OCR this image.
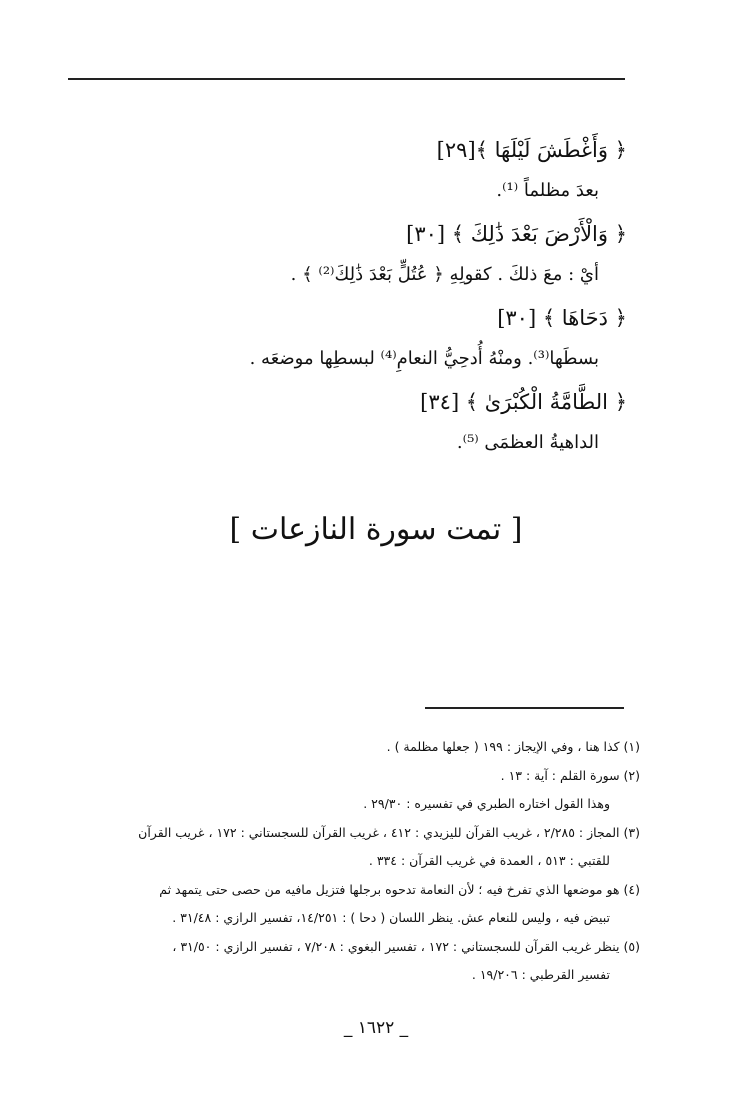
﴿ وَأَغْطَشَ لَيْلَهَا ﴾[٢٩]
بعدَ مظلماً ⁽¹⁾.
﴿ وَالْأَرْضَ بَعْدَ ذَٰلِكَ ﴾ [٣٠]
أيْ : معَ ذلكَ . كقولِهِ ﴿ عُتُلٍّ بَعْدَ ذَٰلِكَ⁽²⁾ ﴾ .
﴿ دَحَاهَا ﴾ [٣٠]
بسطَها⁽³⁾. ومنْهُ أُدحِيُّ النعامِ⁽⁴⁾ لبسطِها موضعَه .
﴿ الطَّامَّةُ الْكُبْرَىٰ ﴾ [٣٤]
الداهيةُ العظمَى ⁽⁵⁾.
[ تمت سورة النازعات ]
(١) كذا هنا ، وفي الإيجاز : ١٩٩ ( جعلها مظلمة ) .
(٢) سورة القلم : آية : ١٣ .
وهذا القول اختاره الطبري في تفسيره : ٢٩/٣٠ .
(٣) المجاز : ٢/٢٨٥ ، غريب القرآن لليزيدي : ٤١٢ ، غريب القرآن للسجستاني : ١٧٢ ، غريب القرآن
للقتبي : ٥١٣ ، العمدة في غريب القرآن : ٣٣٤ .
(٤) هو موضعها الذي تفرخ فيه ؛ لأن النعامة تدحوه برجلها فتزيل مافيه من حصى حتى يتمهد ثم
تبيض فيه ، وليس للنعام عش. ينظر اللسان ( دحا ) : ١٤/٢٥١، تفسير الرازي : ٣١/٤٨ .
(٥) ينظر غريب القرآن للسجستاني : ١٧٢ ، تفسير البغوي : ٧/٢٠٨ ، تفسير الرازي : ٣١/٥٠ ،
تفسير القرطبي : ١٩/٢٠٦ .
_ ١٦٢٢ _
